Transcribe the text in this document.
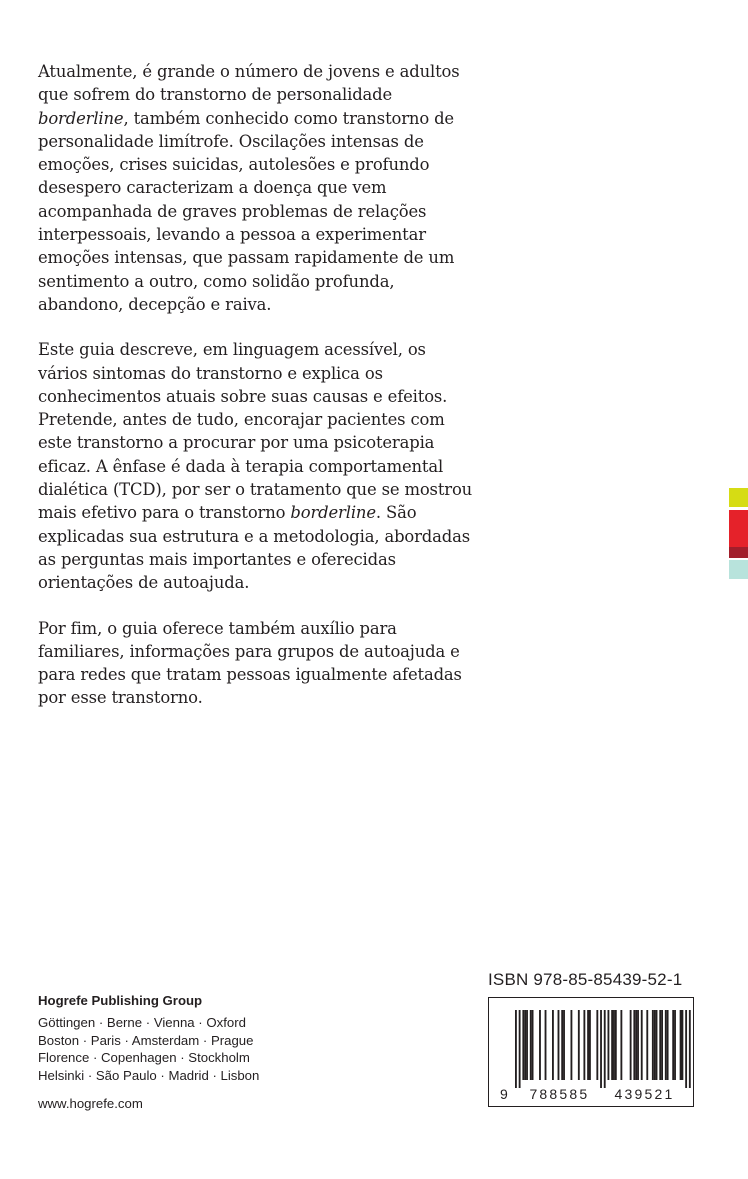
Atualmente, é grande o número de jovens e adultos que sofrem do transtorno de personalidade borderline, também conhecido como transtorno de personalidade limítrofe. Oscilações intensas de emoções, crises suicidas, autolesões e profundo desespero caracterizam a doença que vem acompanhada de graves problemas de relações interpessoais, levando a pessoa a experimentar emoções intensas, que passam rapidamente de um sentimento a outro, como solidão profunda, abandono, decepção e raiva.

Este guia descreve, em linguagem acessível, os vários sintomas do transtorno e explica os conhecimentos atuais sobre suas causas e efeitos. Pretende, antes de tudo, encorajar pacientes com este transtorno a procurar por uma psicoterapia eficaz. A ênfase é dada à terapia comportamental dialética (TCD), por ser o tratamento que se mostrou mais efetivo para o transtorno borderline. São explicadas sua estrutura e a metodologia, abordadas as perguntas mais importantes e oferecidas orientações de autoajuda.

Por fim, o guia oferece também auxílio para familiares, informações para grupos de autoajuda e para redes que tratam pessoas igualmente afetadas por esse transtorno.

Hogrefe Publishing Group
Göttingen · Berne · Vienna · Oxford
Boston · Paris · Amsterdam · Prague
Florence · Copenhagen · Stockholm
Helsinki · São Paulo · Madrid · Lisbon
www.hogrefe.com
ISBN 978-85-85439-52-1
9 788585 439521
